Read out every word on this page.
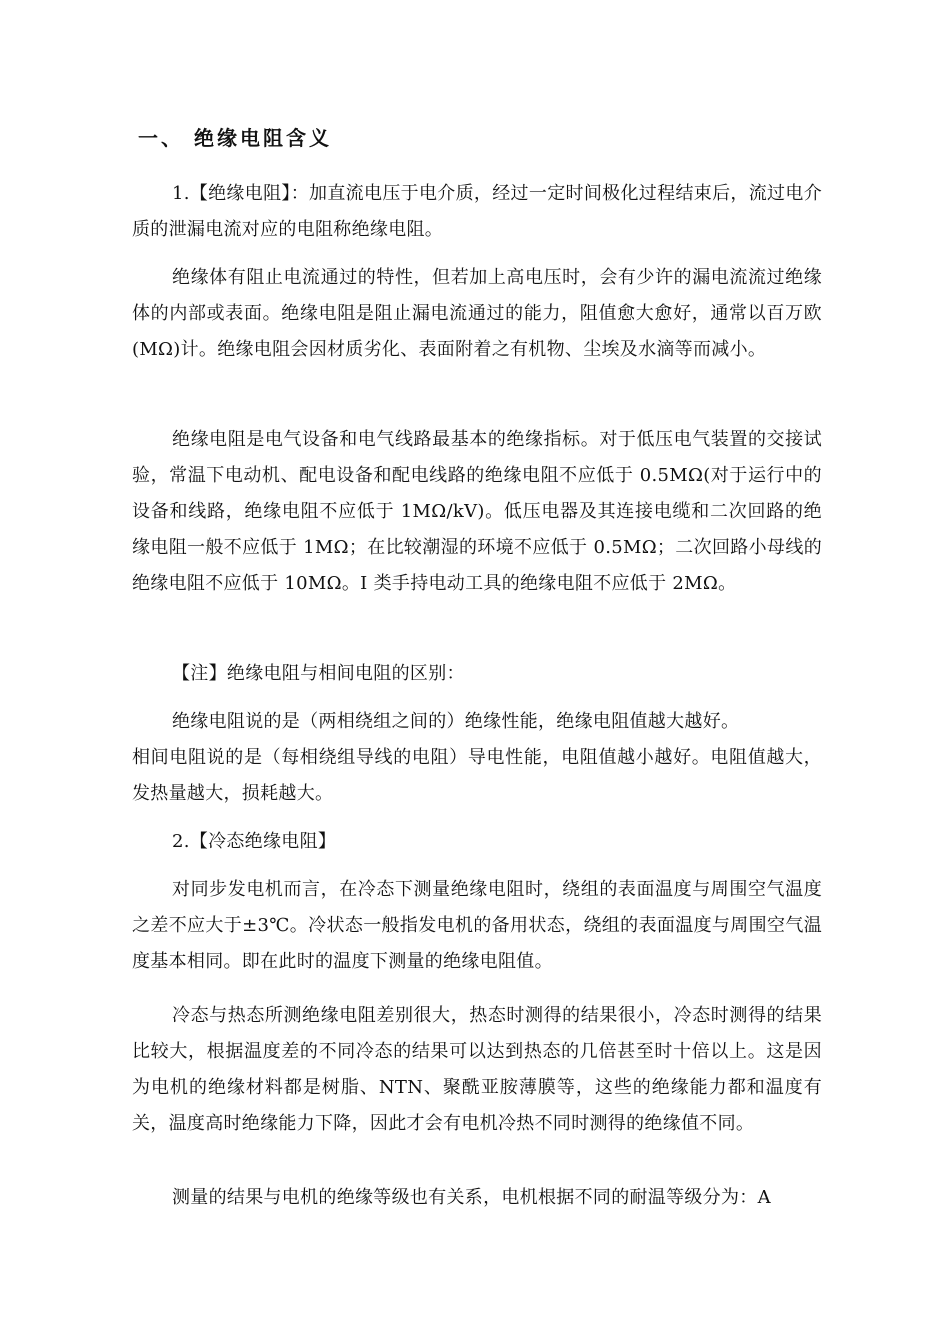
一、 绝缘电阻含义

1.【绝缘电阻】：加直流电压于电介质，经过一定时间极化过程结束后，流过电介质的泄漏电流对应的电阻称绝缘电阻。

绝缘体有阻止电流通过的特性，但若加上高电压时，会有少许的漏电流流过绝缘体的内部或表面。绝缘电阻是阻止漏电流通过的能力，阻值愈大愈好，通常以百万欧(MΩ)计。绝缘电阻会因材质劣化、表面附着之有机物、尘埃及水滴等而减小。

绝缘电阻是电气设备和电气线路最基本的绝缘指标。对于低压电气装置的交接试验，常温下电动机、配电设备和配电线路的绝缘电阻不应低于 0.5MΩ(对于运行中的设备和线路，绝缘电阻不应低于 1MΩ/kV)。低压电器及其连接电缆和二次回路的绝缘电阻一般不应低于 1MΩ；在比较潮湿的环境不应低于 0.5MΩ；二次回路小母线的绝缘电阻不应低于 10MΩ。I 类手持电动工具的绝缘电阻不应低于 2MΩ。

【注】绝缘电阻与相间电阻的区别：

绝缘电阻说的是（两相绕组之间的）绝缘性能，绝缘电阻值越大越好。
相间电阻说的是（每相绕组导线的电阻）导电性能，电阻值越小越好。电阻值越大，发热量越大，损耗越大。

2.【冷态绝缘电阻】

对同步发电机而言，在冷态下测量绝缘电阻时，绕组的表面温度与周围空气温度之差不应大于±3℃。冷状态一般指发电机的备用状态，绕组的表面温度与周围空气温度基本相同。即在此时的温度下测量的绝缘电阻值。

冷态与热态所测绝缘电阻差别很大，热态时测得的结果很小，冷态时测得的结果比较大，根据温度差的不同冷态的结果可以达到热态的几倍甚至时十倍以上。这是因为电机的绝缘材料都是树脂、NTN、聚酰亚胺薄膜等，这些的绝缘能力都和温度有关，温度高时绝缘能力下降，因此才会有电机冷热不同时测得的绝缘值不同。

测量的结果与电机的绝缘等级也有关系，电机根据不同的耐温等级分为：A
